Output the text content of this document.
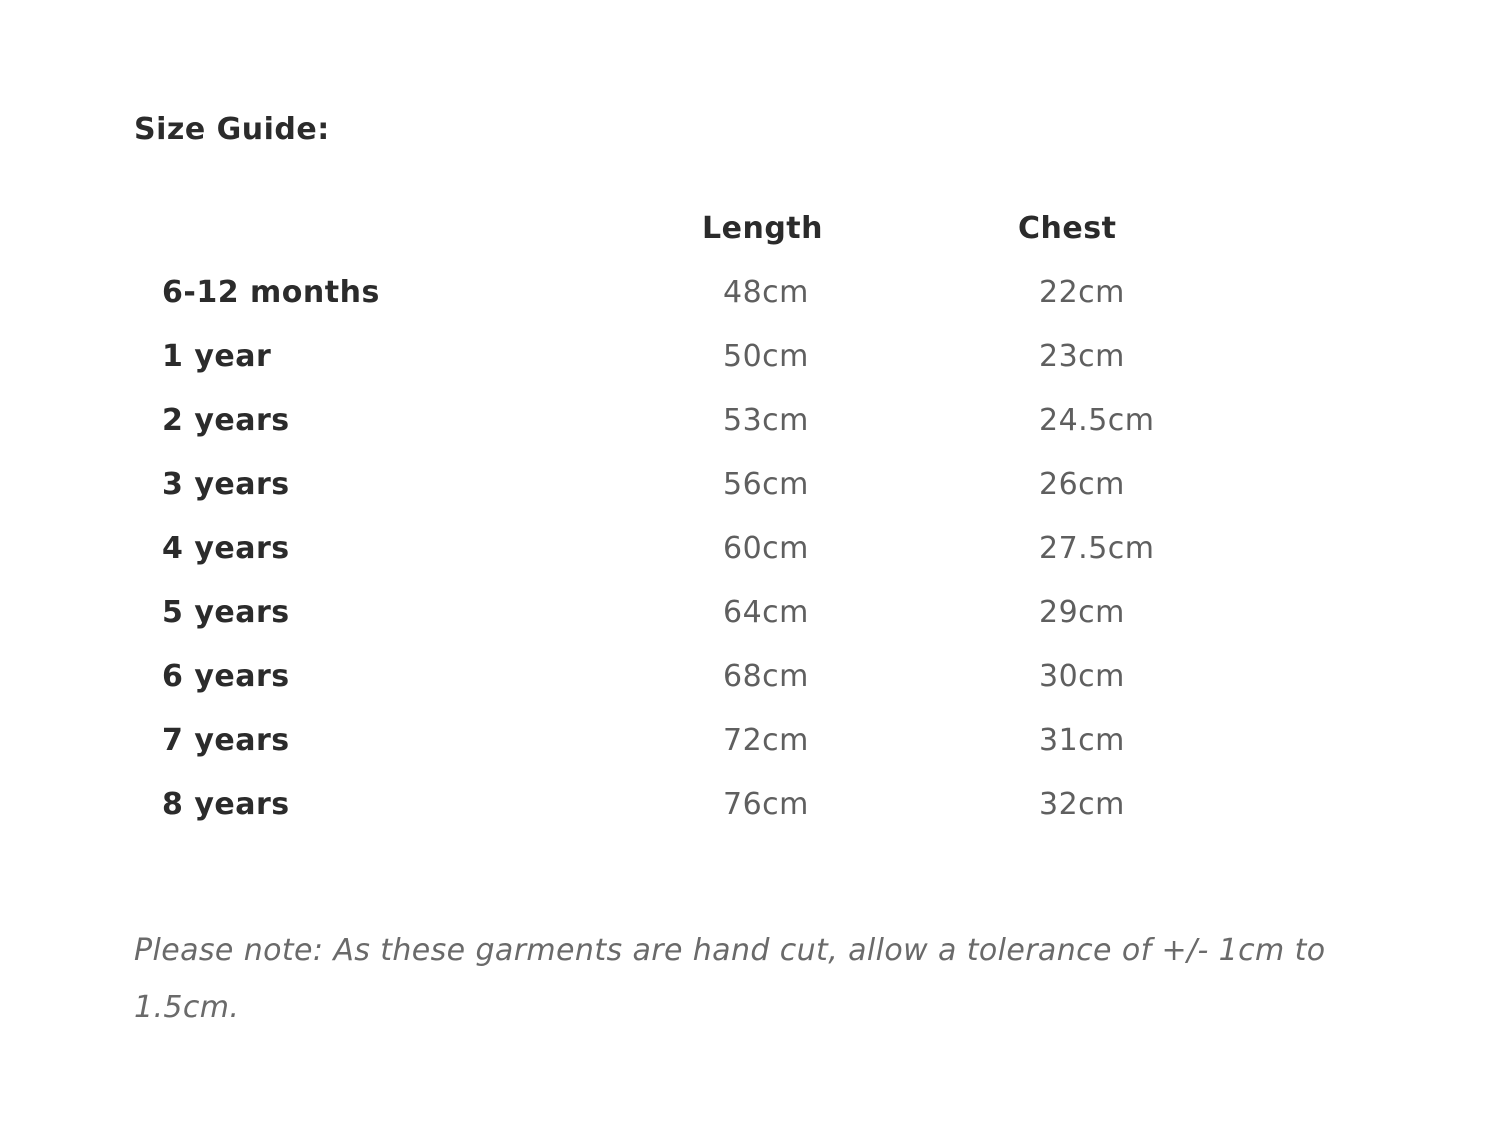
Size Guide:
	Length	Chest
6-12 months	48cm	22cm
1 year	50cm	23cm
2 years	53cm	24.5cm
3 years	56cm	26cm
4 years	60cm	27.5cm
5 years	64cm	29cm
6 years	68cm	30cm
7 years	72cm	31cm
8 years	76cm	32cm

Please note: As these garments are hand cut, allow a tolerance of +/- 1cm to 1.5cm.
